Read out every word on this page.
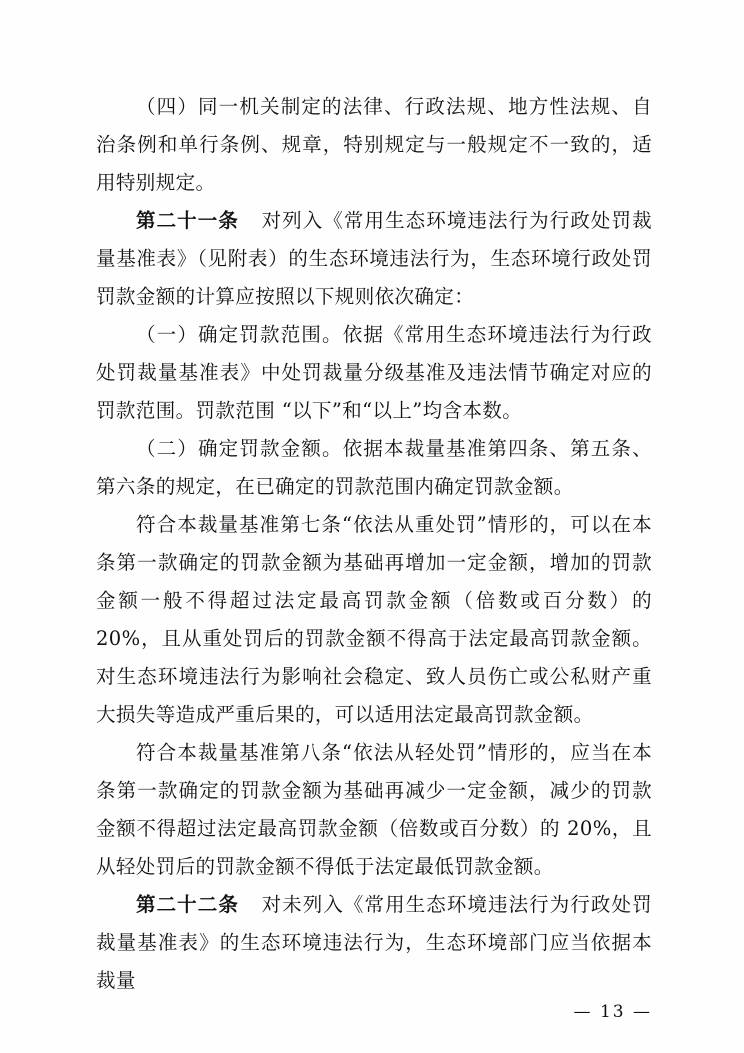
（四）同一机关制定的法律、行政法规、地方性法规、自治条例和单行条例、规章，特别规定与一般规定不一致的，适用特别规定。

第二十一条 对列入《常用生态环境违法行为行政处罚裁量基准表》（见附表）的生态环境违法行为，生态环境行政处罚罚款金额的计算应按照以下规则依次确定：

（一）确定罚款范围。依据《常用生态环境违法行为行政处罚裁量基准表》中处罚裁量分级基准及违法情节确定对应的罚款范围。罚款范围 “以下”和“以上”均含本数。

（二）确定罚款金额。依据本裁量基准第四条、第五条、第六条的规定，在已确定的罚款范围内确定罚款金额。

符合本裁量基准第七条“依法从重处罚”情形的，可以在本条第一款确定的罚款金额为基础再增加一定金额，增加的罚款金额一般不得超过法定最高罚款金额（倍数或百分数）的 20%，且从重处罚后的罚款金额不得高于法定最高罚款金额。对生态环境违法行为影响社会稳定、致人员伤亡或公私财产重大损失等造成严重后果的，可以适用法定最高罚款金额。

符合本裁量基准第八条“依法从轻处罚”情形的，应当在本条第一款确定的罚款金额为基础再减少一定金额，减少的罚款金额不得超过法定最高罚款金额（倍数或百分数）的 20%，且从轻处罚后的罚款金额不得低于法定最低罚款金额。

第二十二条 对未列入《常用生态环境违法行为行政处罚裁量基准表》的生态环境违法行为，生态环境部门应当依据本裁量

— 13 —
